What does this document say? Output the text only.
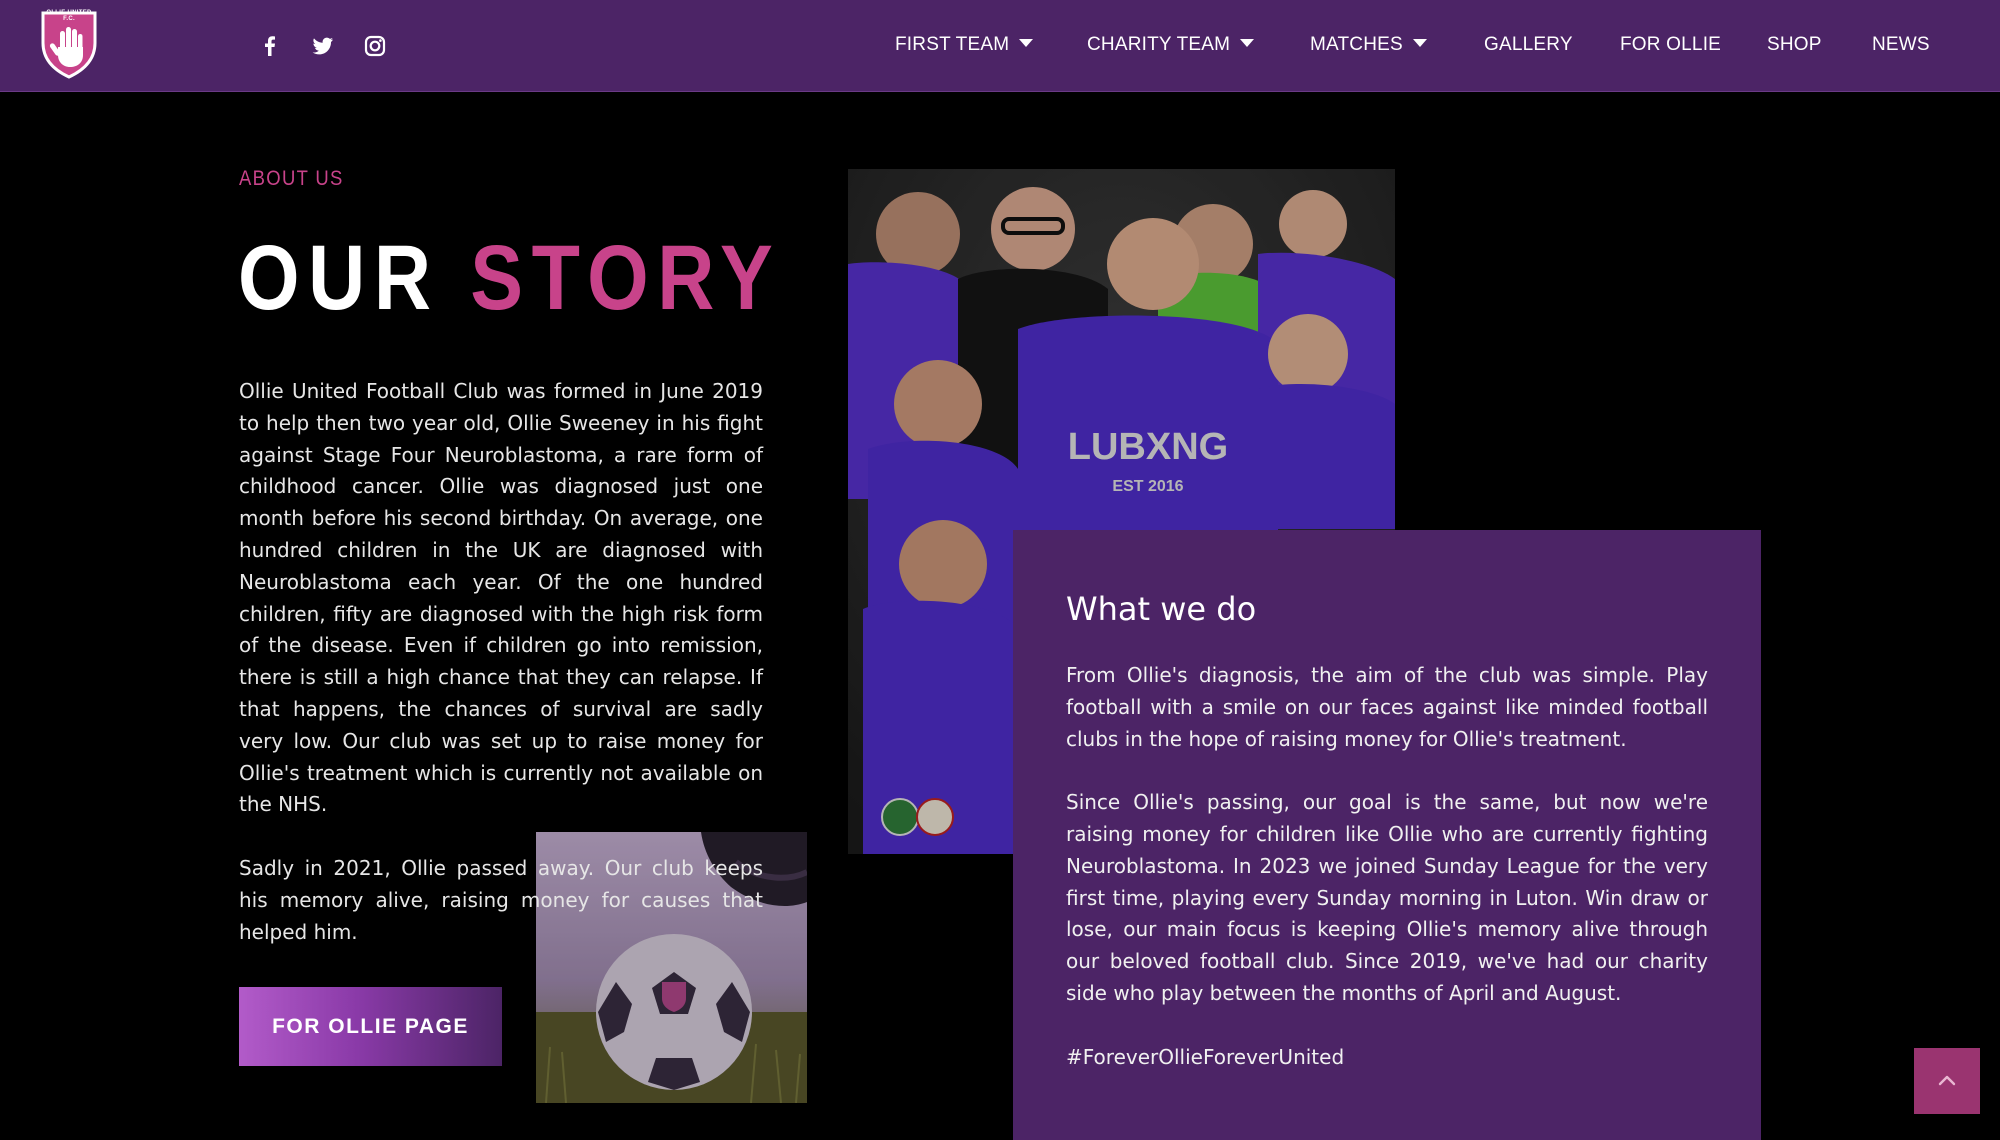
OLLIE UNITED F.C.
FIRST TEAM	CHARITY TEAM	MATCHES	GALLERY FOR OLLIE SHOP	NEWS
ABOUT US
OUR STORY

Ollie United Football Club was formed in June 2019 to help then two year old, Ollie Sweeney in his fight against Stage Four Neuroblastoma, a rare form of childhood cancer. Ollie was diagnosed just one month before his second birthday. On average, one hundred children in the UK are diagnosed with Neuroblastoma each year. Of the one hundred children, fifty are diagnosed with the high risk form of the disease. Even if children go into remission, there is still a high chance that they can relapse. If that happens, the chances of survival are sadly very low. Our club was set up to raise money for Ollie's treatment which is currently not available on the NHS.

Sadly in 2021, Ollie passed away. Our club keeps his memory alive, raising money for causes that helped him.

FOR OLLIE PAGE
LUBXNG
EST 2016
What we do

From Ollie's diagnosis, the aim of the club was simple. Play football with a smile on our faces against like minded football clubs in the hope of raising money for Ollie's treatment.

Since Ollie's passing, our goal is the same, but now we're raising money for children like Ollie who are currently fighting Neuroblastoma. In 2023 we joined Sunday League for the very first time, playing every Sunday morning in Luton. Win draw or lose, our main focus is keeping Ollie's memory alive through our beloved football club. Since 2019, we've had our charity side who play between the months of April and August.

#ForeverOllieForeverUnited
